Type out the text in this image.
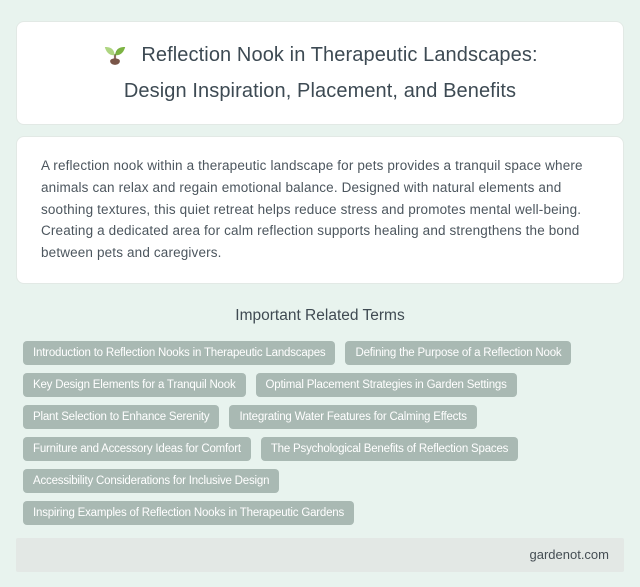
Reflection Nook in Therapeutic Landscapes:
Design Inspiration, Placement, and Benefits

A reflection nook within a therapeutic landscape for pets provides a tranquil space where animals can relax and regain emotional balance. Designed with natural elements and soothing textures, this quiet retreat helps reduce stress and promotes mental well-being. Creating a dedicated area for calm reflection supports healing and strengthens the bond between pets and caregivers.

Important Related Terms
Introduction to Reflection Nooks in Therapeutic Landscapes	Defining the Purpose of a Reflection Nook
Key Design Elements for a Tranquil Nook	Optimal Placement Strategies in Garden Settings
Plant Selection to Enhance Serenity	Integrating Water Features for Calming Effects
Furniture and Accessory Ideas for Comfort	The Psychological Benefits of Reflection Spaces
Accessibility Considerations for Inclusive Design
Inspiring Examples of Reflection Nooks in Therapeutic Gardens
gardenot.com
